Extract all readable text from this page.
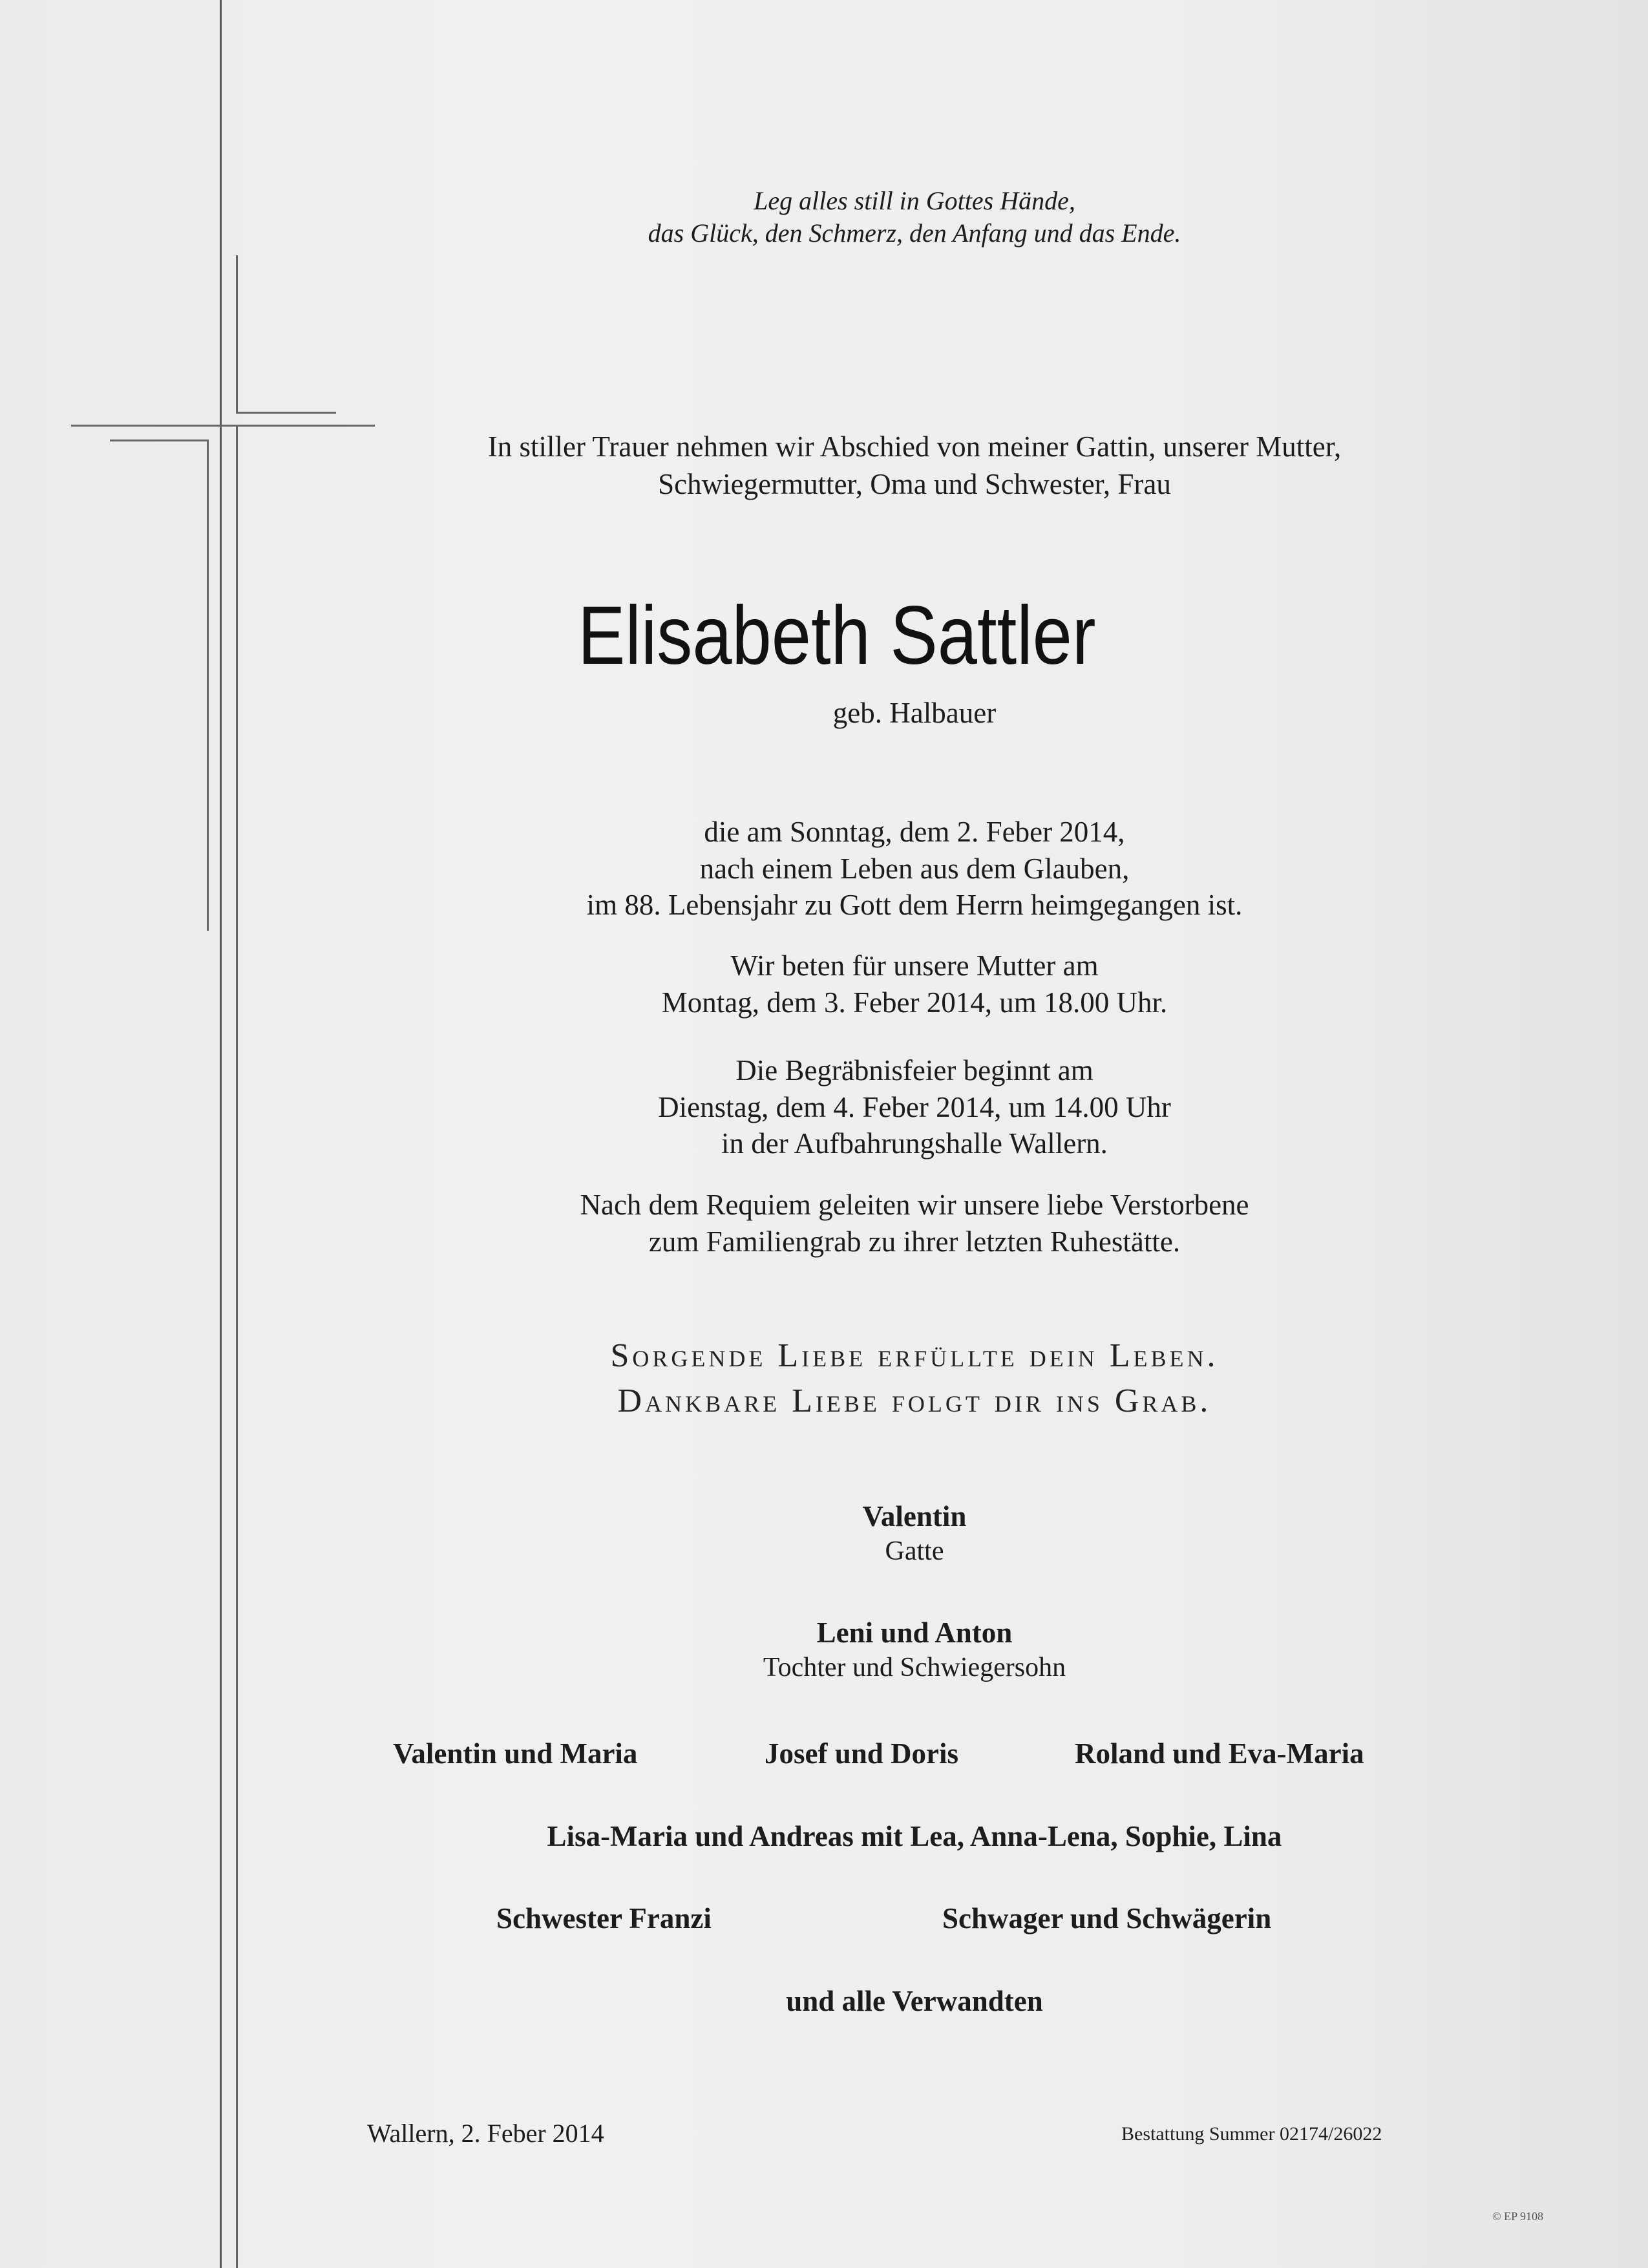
Leg alles still in Gottes Hände,
das Glück, den Schmerz, den Anfang und das Ende.
In stiller Trauer nehmen wir Abschied von meiner Gattin, unserer Mutter,
Schwiegermutter, Oma und Schwester, Frau
Elisabeth Sattler
geb. Halbauer
die am Sonntag, dem 2. Feber 2014,
nach einem Leben aus dem Glauben,
im 88. Lebensjahr zu Gott dem Herrn heimgegangen ist.
Wir beten für unsere Mutter am
Montag, dem 3. Feber 2014, um 18.00 Uhr.
Die Begräbnisfeier beginnt am
Dienstag, dem 4. Feber 2014, um 14.00 Uhr
in der Aufbahrungshalle Wallern.
Nach dem Requiem geleiten wir unsere liebe Verstorbene
zum Familiengrab zu ihrer letzten Ruhestätte.
Sorgende Liebe erfüllte dein Leben.
Dankbare Liebe folgt dir ins Grab.
Valentin
Gatte
Leni und Anton
Tochter und Schwiegersohn
Valentin und Maria	Josef und Doris	Roland und Eva-Maria
Lisa-Maria und Andreas mit Lea, Anna-Lena, Sophie, Lina
Schwester Franzi	Schwager und Schwägerin
und alle Verwandten
Wallern, 2. Feber 2014	Bestattung Summer 02174/26022
© EP 9108
